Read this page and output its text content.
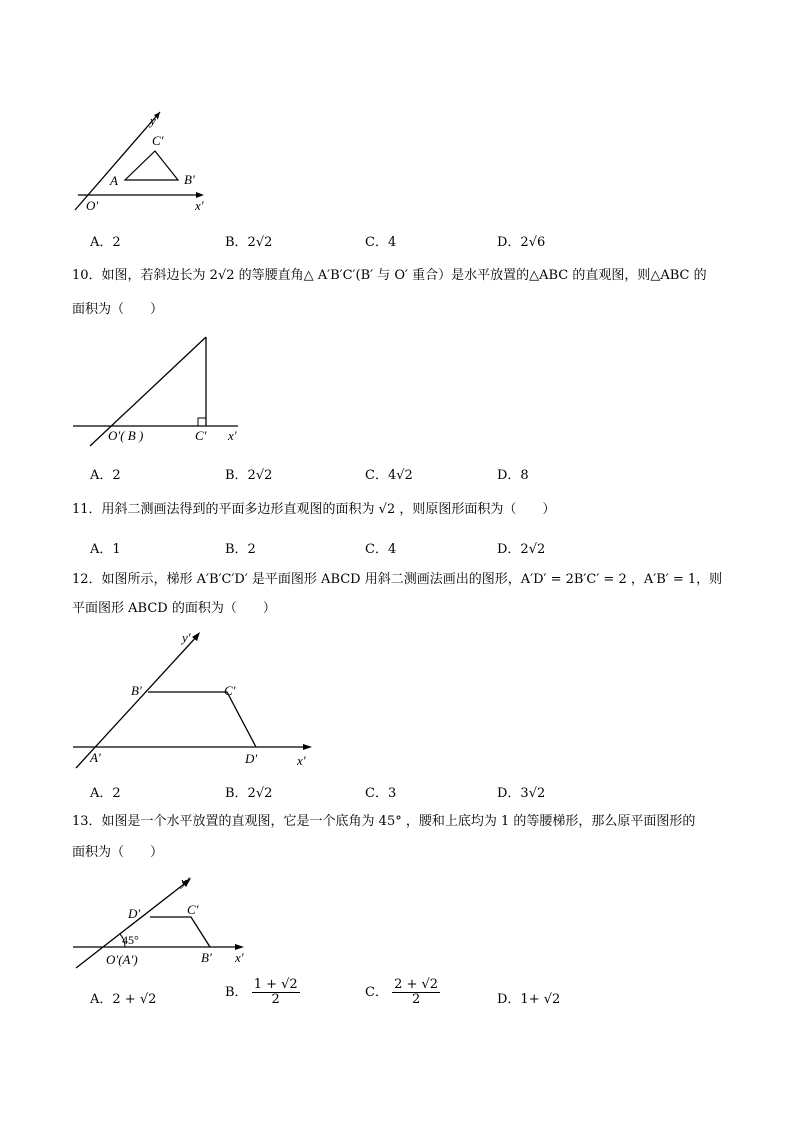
y′
x′
O′
A	B′
C′
A．2	B．2√2	C．4	D．2√6
10．如图，若斜边长为 2√2 的等腰直角△ A′B′C′(B′ 与 O′ 重合）是水平放置的△ABC 的直观图，则△ABC 的
面积为（　　）
O′( B )	C′ x′
A．2	B．2√2	C．4√2	D．8
11．用斜二测画法得到的平面多边形直观图的面积为 √2 ，则原图形面积为（　　）
A．1	B．2	C．4	D．2√2
12．如图所示，梯形 A′B′C′D′ 是平面图形 ABCD 用斜二测画法画出的图形，A′D′ = 2B′C′ = 2 ，A′B′ = 1，则
平面图形 ABCD 的面积为（　　）
y′
x′
A′
B′	C′
D′
A．2	B．2√2	C．3	D．3√2
13．如图是一个水平放置的直观图，它是一个底角为 45° ，腰和上底均为 1 的等腰梯形，那么原平面图形的
面积为（　　）
y′
x′
O′(A′)	B′
C′
D′
45°
A．2 + √2	B． $\frac{1 + √2}{2}$	C． $\frac{2 + √2}{2}$	D．1+ √2
